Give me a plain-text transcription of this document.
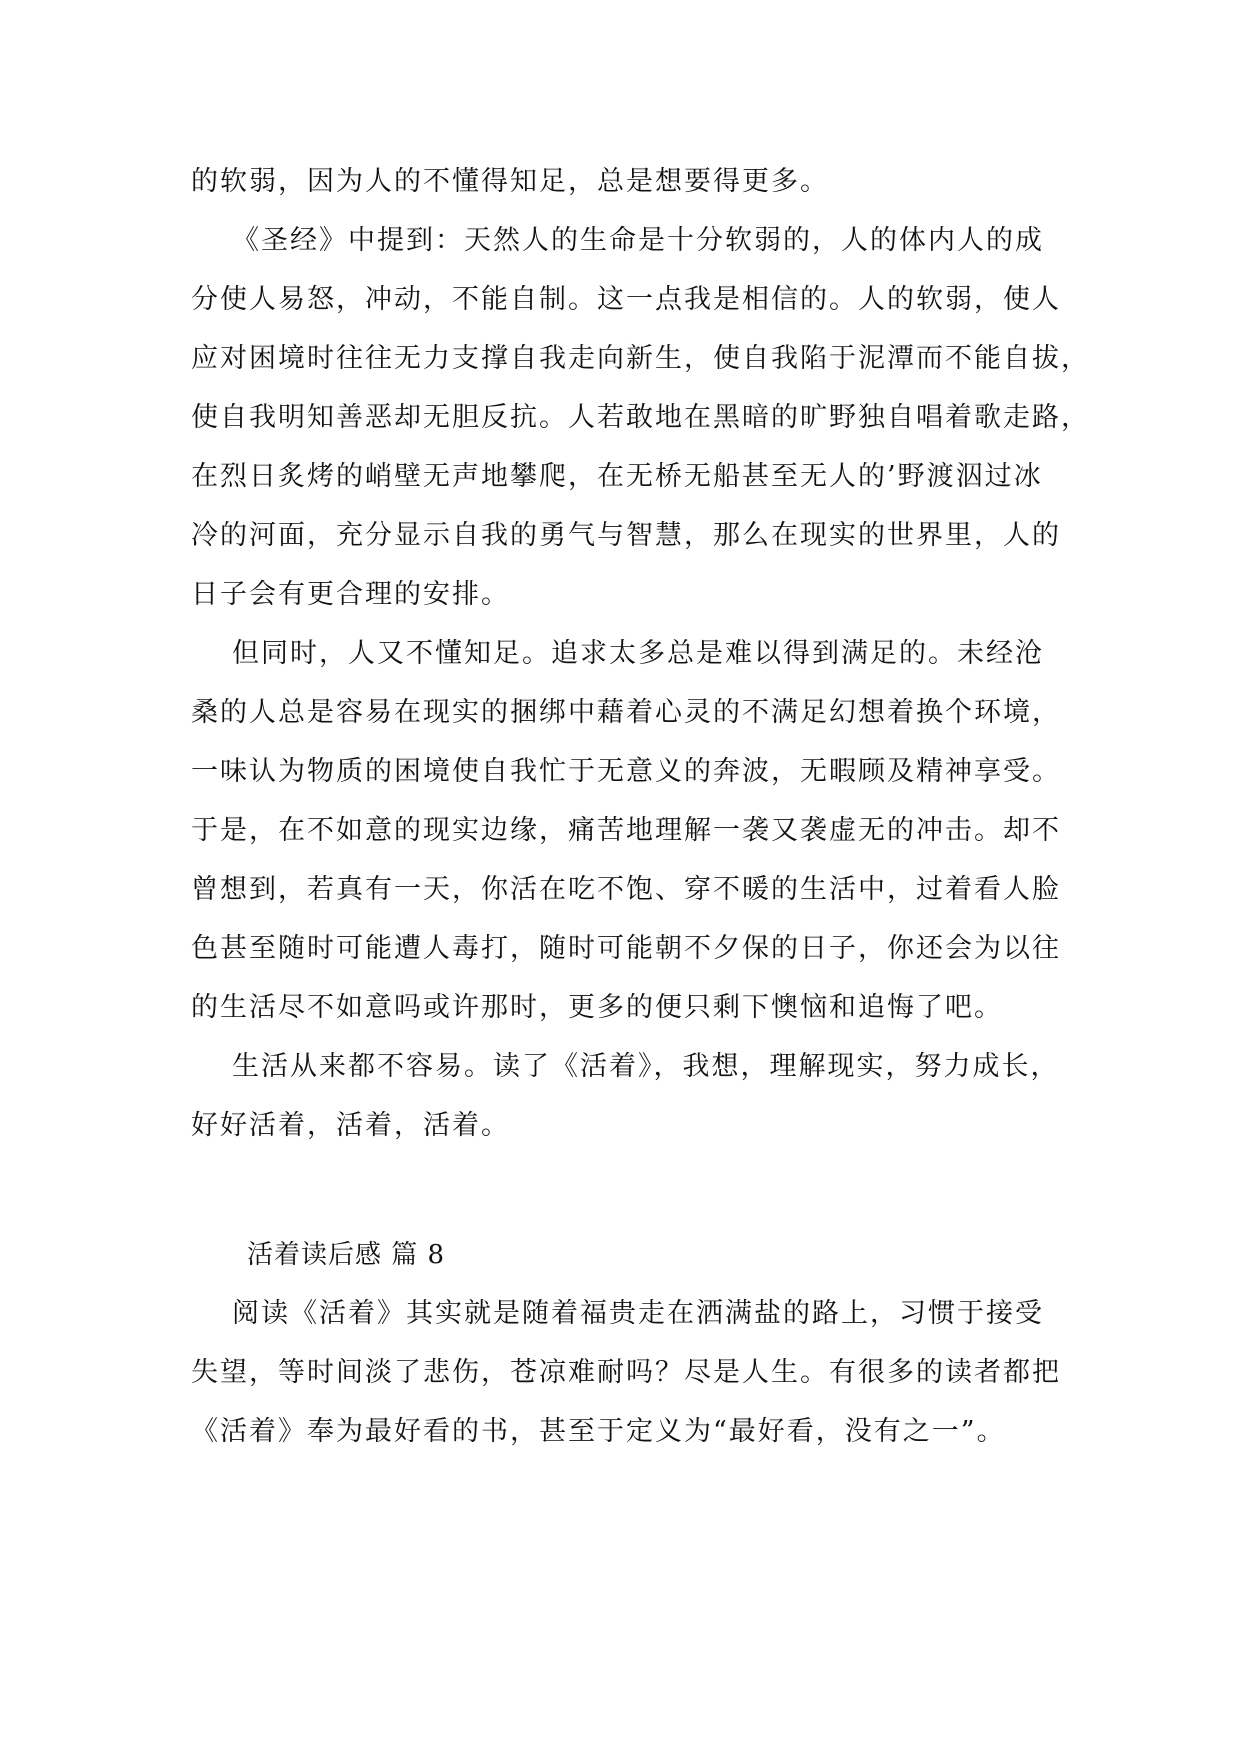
的软弱，因为人的不懂得知足，总是想要得更多。

《圣经》中提到：天然人的生命是十分软弱的，人的体内人的成

分使人易怒，冲动，不能自制。这一点我是相信的。人的软弱，使人

应对困境时往往无力支撑自我走向新生，使自我陷于泥潭而不能自拔，

使自我明知善恶却无胆反抗。人若敢地在黑暗的旷野独自唱着歌走路，

在烈日炙烤的峭壁无声地攀爬，在无桥无船甚至无人的’野渡泅过冰

冷的河面，充分显示自我的勇气与智慧，那么在现实的世界里，人的

日子会有更合理的安排。

但同时，人又不懂知足。追求太多总是难以得到满足的。未经沧

桑的人总是容易在现实的捆绑中藉着心灵的不满足幻想着换个环境，

一味认为物质的困境使自我忙于无意义的奔波，无暇顾及精神享受。

于是，在不如意的现实边缘，痛苦地理解一袭又袭虚无的冲击。却不

曾想到，若真有一天，你活在吃不饱、穿不暖的生活中，过着看人脸

色甚至随时可能遭人毒打，随时可能朝不夕保的日子，你还会为以往

的生活尽不如意吗或许那时，更多的便只剩下懊恼和追悔了吧。

生活从来都不容易。读了《活着》，我想，理解现实，努力成长，

好好活着，活着，活着。

活着读后感 篇 8

阅读《活着》其实就是随着福贵走在洒满盐的路上，习惯于接受

失望，等时间淡了悲伤，苍凉难耐吗？尽是人生。有很多的读者都把

《活着》奉为最好看的书，甚至于定义为“最好看，没有之一”。
